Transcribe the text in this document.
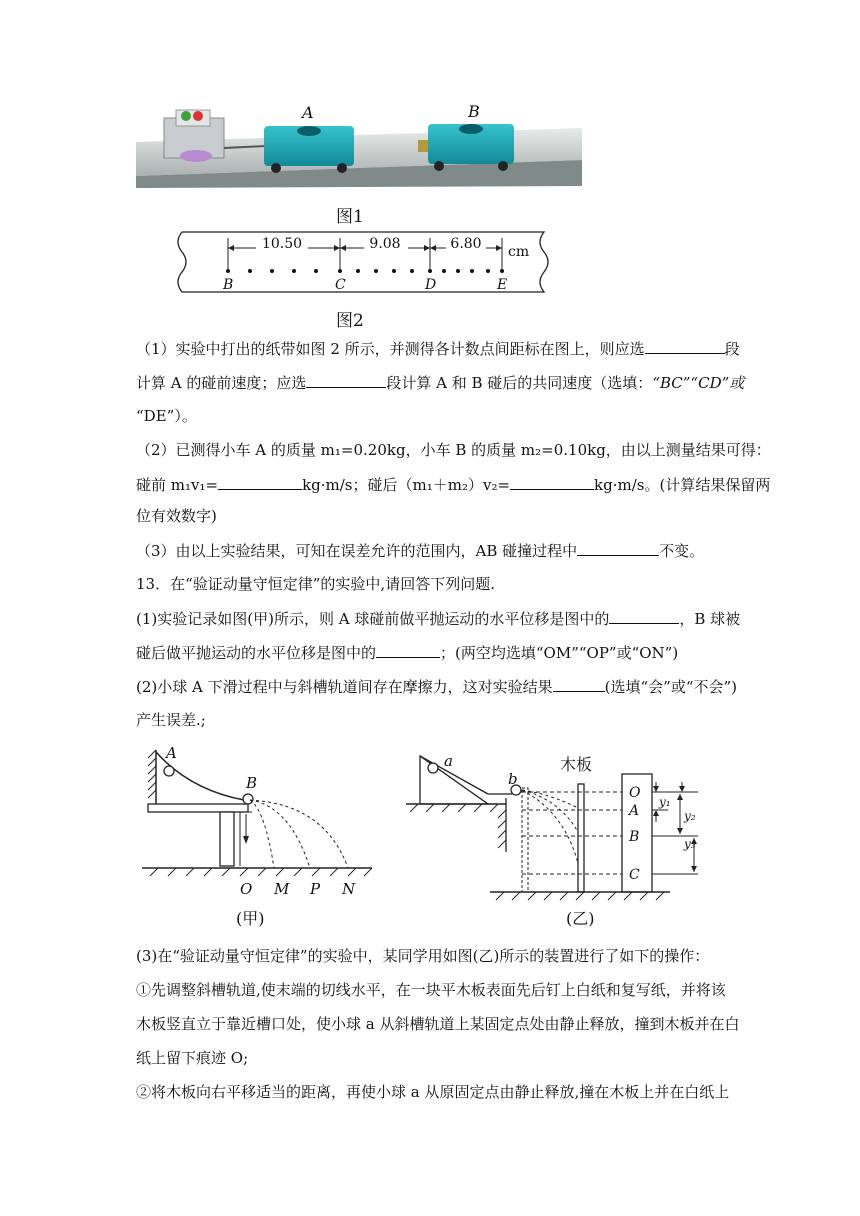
A	B
图1
10.50	9.08	6.80 cm
B	C	D	E
图2
（1）实验中打出的纸带如图 2 所示，并测得各计数点间距标在图上，则应选	段
计算 A 的碰前速度；应选	段计算 A 和 B 碰后的共同速度（选填：“BC”“CD”或
“DE”）。
（2）已测得小车 A 的质量 m₁=0.20kg，小车 B 的质量 m₂=0.10kg，由以上测量结果可得：
碰前 m₁v₁=	kg·m/s；碰后（m₁＋m₂）v₂=	kg·m/s。(计算结果保留两
位有效数字)
（3）由以上实验结果，可知在误差允许的范围内，AB 碰撞过程中	不变。
13．在“验证动量守恒定律”的实验中,请回答下列问题.
(1)实验记录如图(甲)所示，则 A 球碰前做平抛运动的水平位移是图中的	，B 球被
碰后做平抛运动的水平位移是图中的	；(两空均选填“OM”“OP”或“ON”)
(2)小球 A 下滑过程中与斜槽轨道间存在摩擦力，这对实验结果	(选填“会”或“不会”)
产生误差.;
A
B
O M P N
(甲)
a
b
木板
O
A
B
C
y₁
y₂
y₃
(乙)
(3)在“验证动量守恒定律”的实验中，某同学用如图(乙)所示的装置进行了如下的操作：
①先调整斜槽轨道,使末端的切线水平，在一块平木板表面先后钉上白纸和复写纸，并将该
木板竖直立于靠近槽口处，使小球 a 从斜槽轨道上某固定点处由静止释放，撞到木板并在白
纸上留下痕迹 O;
②将木板向右平移适当的距离，再使小球 a 从原固定点由静止释放,撞在木板上并在白纸上
